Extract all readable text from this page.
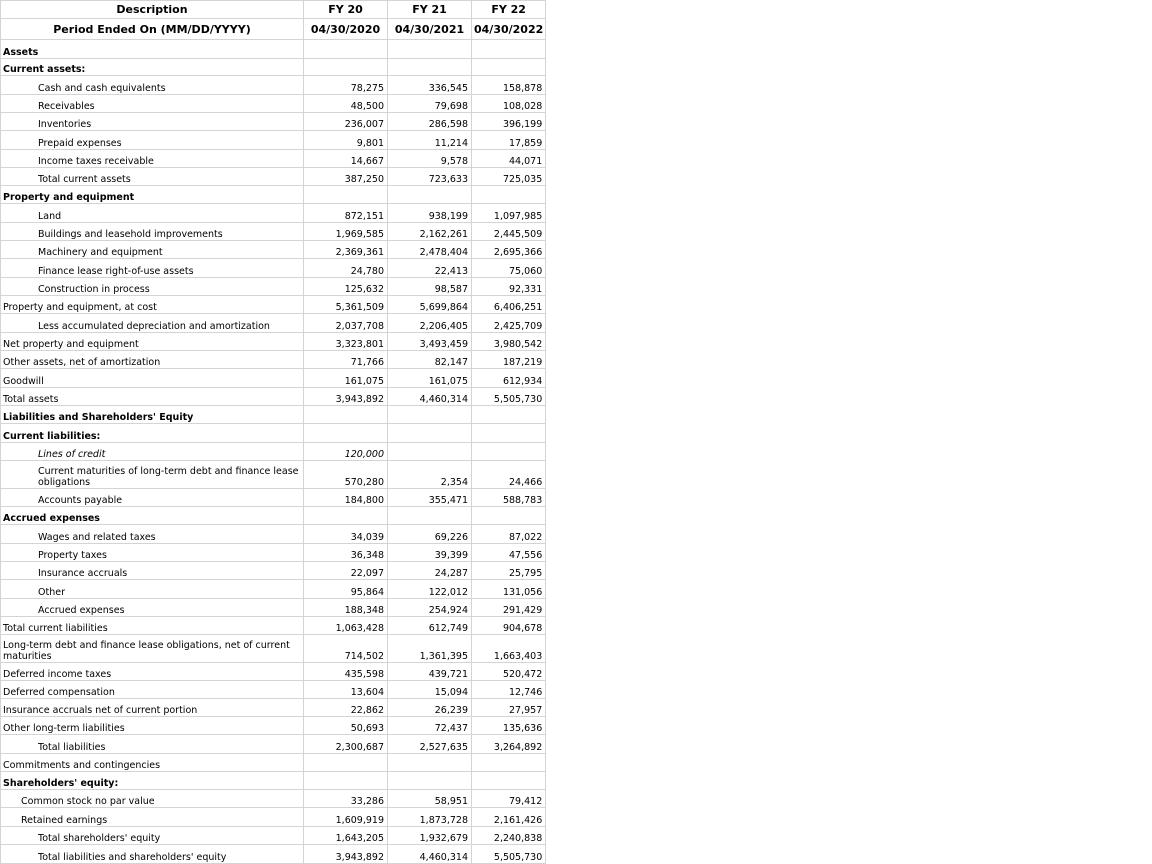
Description	FY 20	FY 21	FY 22
Period Ended On (MM/DD/YYYY)	04/30/2020	04/30/2021	04/30/2022
Assets			
Current assets:			
Cash and cash equivalents	78,275	336,545	158,878
Receivables	48,500	79,698	108,028
Inventories	236,007	286,598	396,199
Prepaid expenses	9,801	11,214	17,859
Income taxes receivable	14,667	9,578	44,071
Total current assets	387,250	723,633	725,035
Property and equipment			
Land	872,151	938,199	1,097,985
Buildings and leasehold improvements	1,969,585	2,162,261	2,445,509
Machinery and equipment	2,369,361	2,478,404	2,695,366
Finance lease right-of-use assets	24,780	22,413	75,060
Construction in process	125,632	98,587	92,331
Property and equipment, at cost	5,361,509	5,699,864	6,406,251
Less accumulated depreciation and amortization	2,037,708	2,206,405	2,425,709
Net property and equipment	3,323,801	3,493,459	3,980,542
Other assets, net of amortization	71,766	82,147	187,219
Goodwill	161,075	161,075	612,934
Total assets	3,943,892	4,460,314	5,505,730
Liabilities and Shareholders' Equity			
Current liabilities:			
Lines of credit	120,000		
Current maturities of long-term debt and finance lease obligations	570,280	2,354	24,466
Accounts payable	184,800	355,471	588,783
Accrued expenses			
Wages and related taxes	34,039	69,226	87,022
Property taxes	36,348	39,399	47,556
Insurance accruals	22,097	24,287	25,795
Other	95,864	122,012	131,056
Accrued expenses	188,348	254,924	291,429
Total current liabilities	1,063,428	612,749	904,678
Long-term debt and finance lease obligations, net of current maturities	714,502	1,361,395	1,663,403
Deferred income taxes	435,598	439,721	520,472
Deferred compensation	13,604	15,094	12,746
Insurance accruals net of current portion	22,862	26,239	27,957
Other long-term liabilities	50,693	72,437	135,636
Total liabilities	2,300,687	2,527,635	3,264,892
Commitments and contingencies			
Shareholders' equity:			
Common stock no par value	33,286	58,951	79,412
Retained earnings	1,609,919	1,873,728	2,161,426
Total shareholders' equity	1,643,205	1,932,679	2,240,838
Total liabilities and shareholders' equity	3,943,892	4,460,314	5,505,730
